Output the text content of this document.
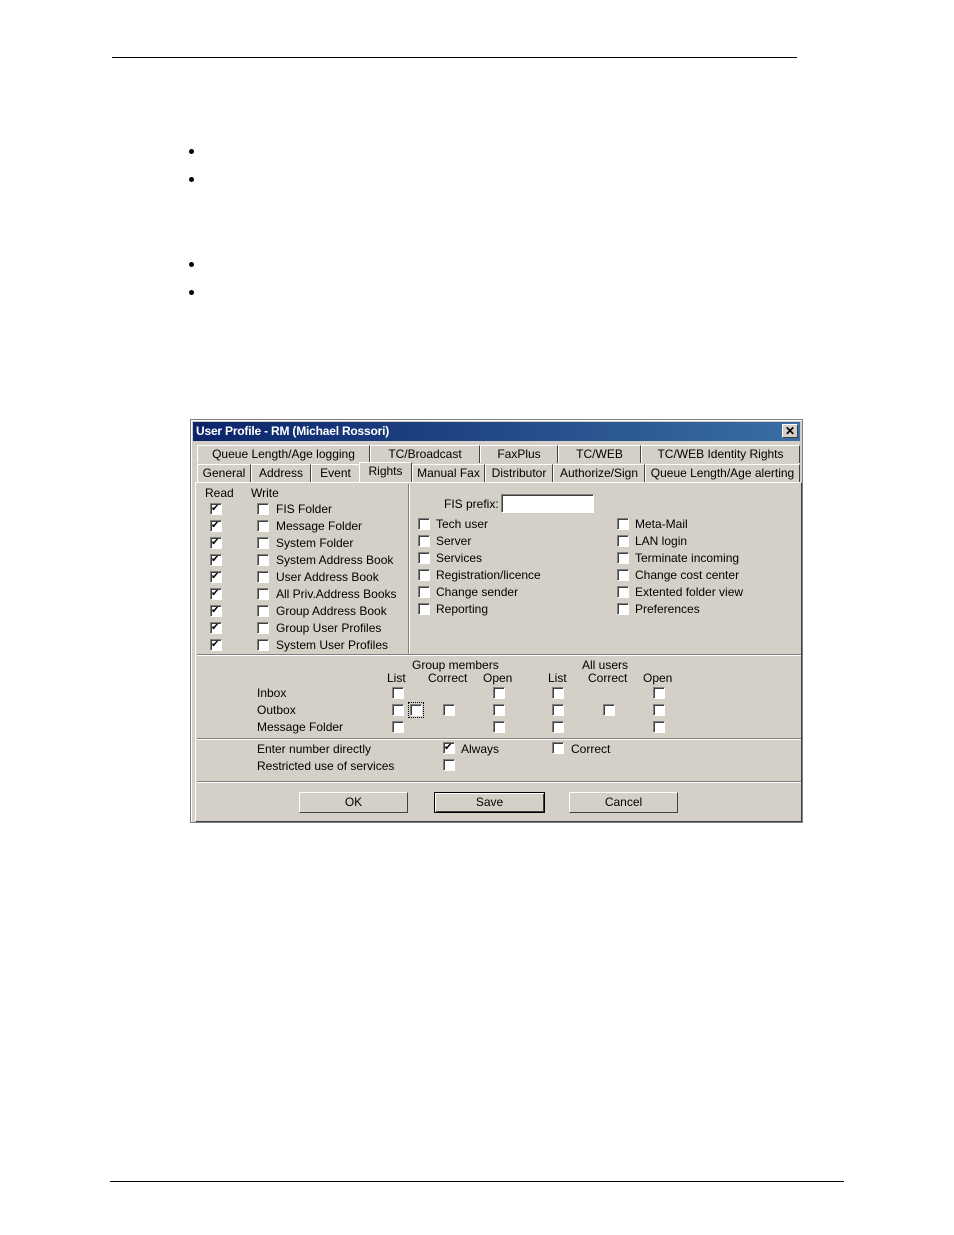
User Profile - RM (Michael Rossori)	✕
Queue Length/Age logging	TC/Broadcast	FaxPlus	TC/WEB	TC/WEB Identity Rights
General	Address	Event	Rights	Manual Fax Distributor	Authorize/Sign	Queue Length/Age alerting
Read Write
✔
FIS Folder
✔
Message Folder
✔
System Folder
✔
System Address Book
✔
User Address Book
✔
All Priv.Address Books
✔
Group Address Book
✔
Group User Profiles
✔
System User Profiles
FIS prefix:
Tech user
Server
Services
Registration/licence
Change sender
Reporting
Meta-Mail
LAN login
Terminate incoming
Change cost center
Extented folder view
Preferences
Group members	All users
List Correct Open	List Correct Open
Inbox
Outbox
Message Folder
Enter number directly
✔	Always	Correct
Restricted use of services
OK	Save	Cancel
